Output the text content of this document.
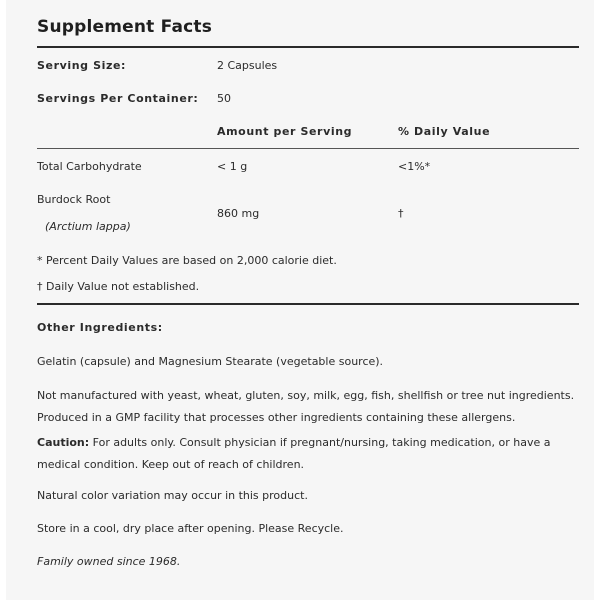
Supplement Facts
Serving Size:	2 Capsules
Servings Per Container: 50
Amount per Serving	% Daily Value
Total Carbohydrate	< 1 g	<1%*
Burdock Root
(Arctium lappa)
860 mg	†
* Percent Daily Values are based on 2,000 calorie diet.
† Daily Value not established.
Other Ingredients:
Gelatin (capsule) and Magnesium Stearate (vegetable source).
Not manufactured with yeast, wheat, gluten, soy, milk, egg, fish, shellfish or tree nut ingredients. Produced in a GMP facility that processes other ingredients containing these allergens.
Caution: For adults only. Consult physician if pregnant/nursing, taking medication, or have a medical condition. Keep out of reach of children.
Natural color variation may occur in this product.
Store in a cool, dry place after opening. Please Recycle.
Family owned since 1968.
